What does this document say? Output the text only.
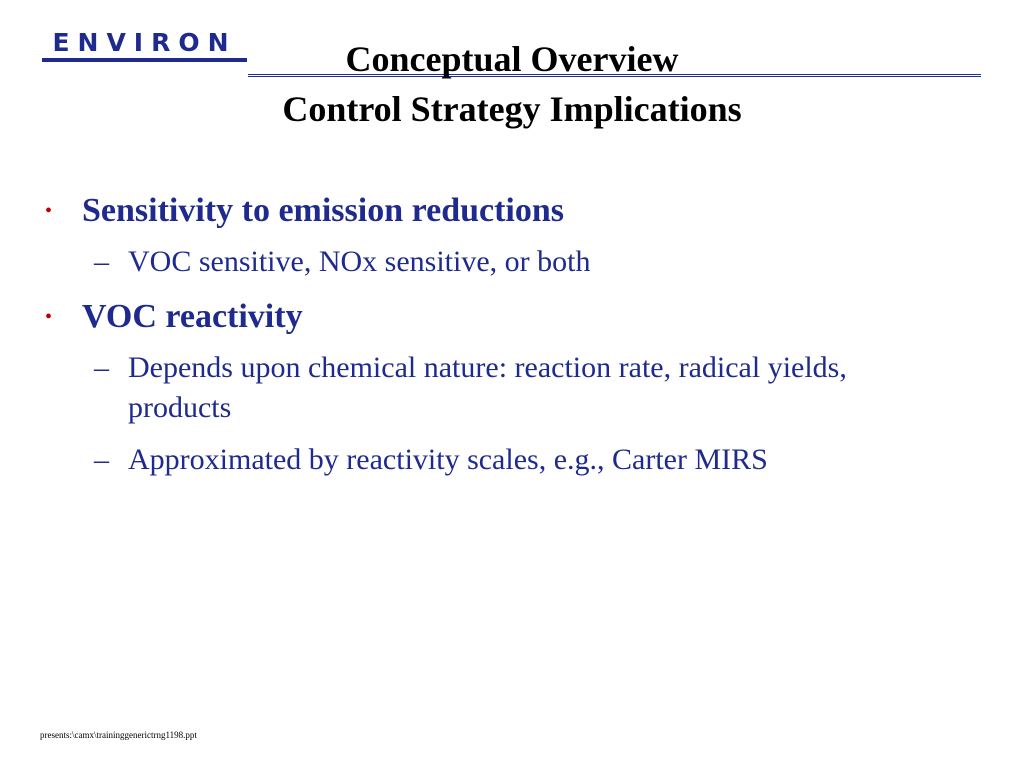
ENVIRON	Conceptual Overview
Control Strategy Implications
• Sensitivity to emission reductions
– VOC sensitive, NOx sensitive, or both
• VOC reactivity
– Depends upon chemical nature: reaction rate, radical yields, products
– Approximated by reactivity scales, e.g., Carter MIRS
presents:\camx\traininggenerictrng1198.ppt
